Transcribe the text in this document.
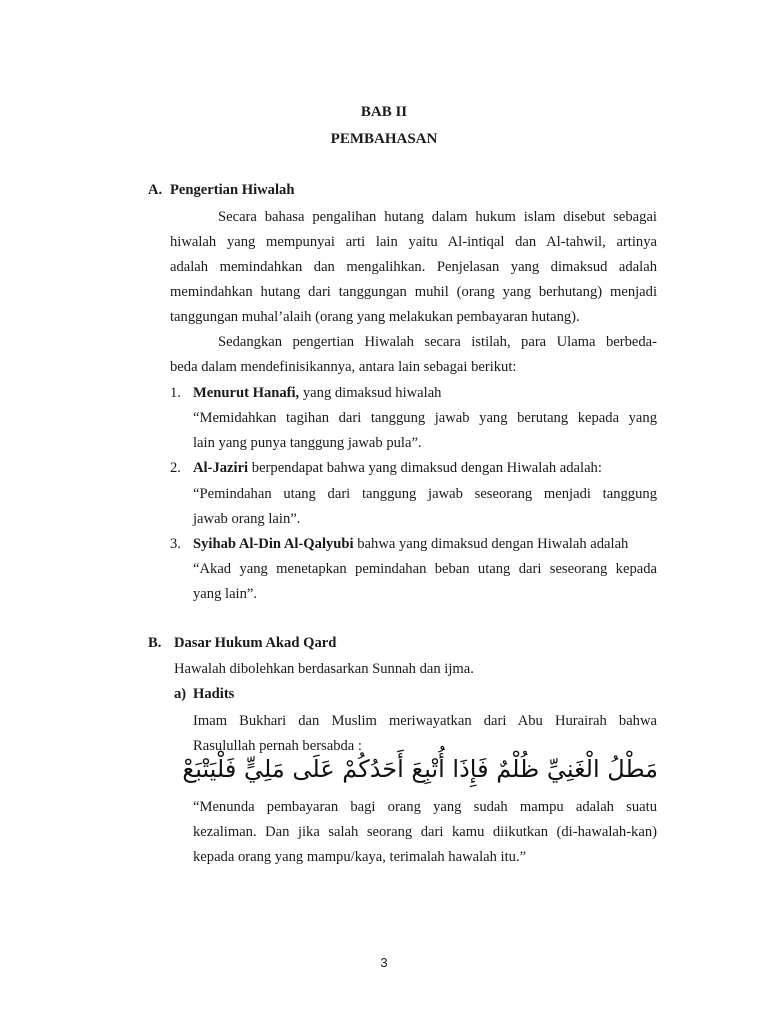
BAB II
PEMBAHASAN
A. Pengertian Hiwalah
Secara bahasa pengalihan hutang dalam hukum islam disebut sebagai
hiwalah yang mempunyai arti lain yaitu Al-intiqal dan Al-tahwil, artinya
adalah memindahkan dan mengalihkan. Penjelasan yang dimaksud adalah
memindahkan hutang dari tanggungan muhil (orang yang berhutang) menjadi
tanggungan muhal’alaih (orang yang melakukan pembayaran hutang).
Sedangkan pengertian Hiwalah secara istilah, para Ulama berbeda-
beda dalam mendefinisikannya, antara lain sebagai berikut:
1. Menurut Hanafi, yang dimaksud hiwalah
“Memidahkan tagihan dari tanggung jawab yang berutang kepada yang
lain yang punya tanggung jawab pula”.
2. Al-Jaziri berpendapat bahwa yang dimaksud dengan Hiwalah adalah:
“Pemindahan utang dari tanggung jawab seseorang menjadi tanggung
jawab orang lain”.
3. Syihab Al-Din Al-Qalyubi bahwa yang dimaksud dengan Hiwalah adalah
“Akad yang menetapkan pemindahan beban utang dari seseorang kepada
yang lain”.
B. Dasar Hukum Akad Qard
Hawalah dibolehkan berdasarkan Sunnah dan ijma.
a) Hadits
Imam Bukhari dan Muslim meriwayatkan dari Abu Hurairah bahwa
Rasulullah pernah bersabda :
مَطْلُ الْغَنِيِّ ظُلْمٌ فَإِذَا أُتْبِعَ أَحَدُكُمْ عَلَى مَلِيٍّ فَلْيَتْبَعْ
“Menunda pembayaran bagi orang yang sudah mampu adalah suatu
kezaliman. Dan jika salah seorang dari kamu diikutkan (di-hawalah-kan)
kepada orang yang mampu/kaya, terimalah hawalah itu.”
3
